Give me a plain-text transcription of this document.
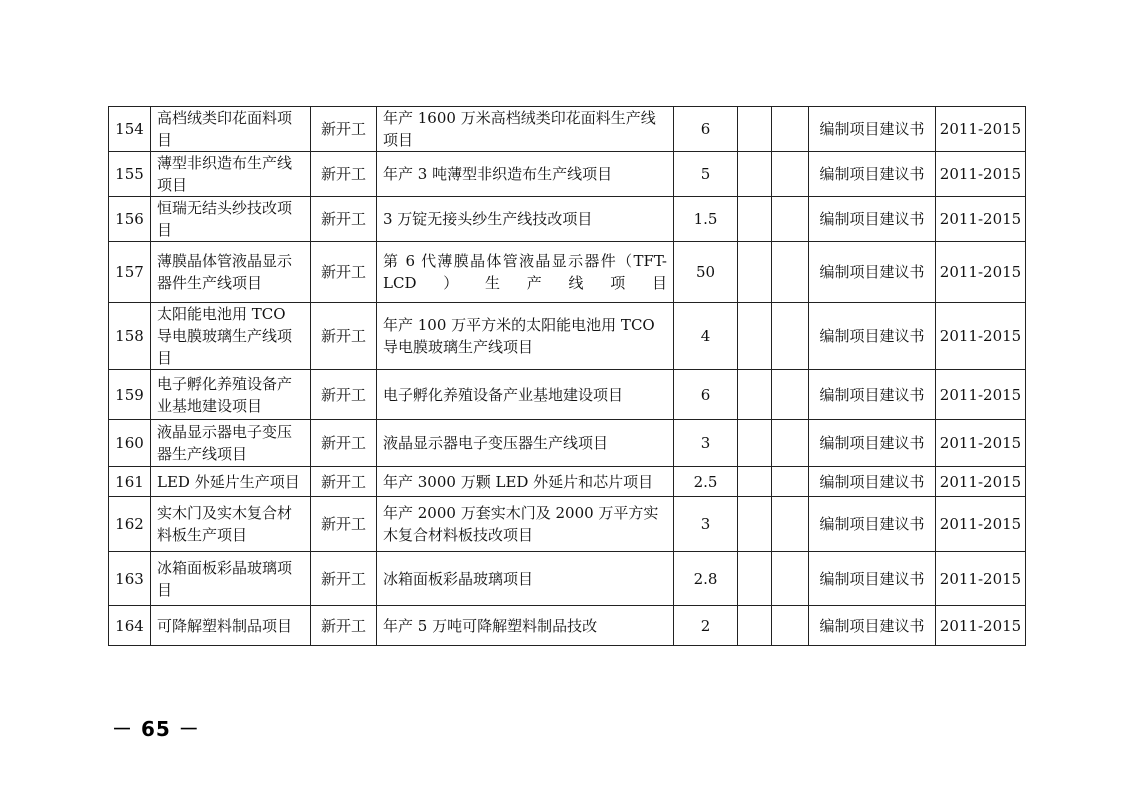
154	高档绒类印花面料项目	新开工	年产 1600 万米高档绒类印花面料生产线项目	6			编制项目建议书	2011-2015
155	薄型非织造布生产线项目	新开工	年产 3 吨薄型非织造布生产线项目	5			编制项目建议书	2011-2015
156	恒瑞无结头纱技改项目	新开工	3 万锭无接头纱生产线技改项目	1.5			编制项目建议书	2011-2015
157	薄膜晶体管液晶显示器件生产线项目	新开工	第 6 代薄膜晶体管液晶显示器件（TFT-LCD）生产线项目	50			编制项目建议书	2011-2015
158	太阳能电池用 TCO 导电膜玻璃生产线项目	新开工	年产 100 万平方米的太阳能电池用 TCO 导电膜玻璃生产线项目	4			编制项目建议书	2011-2015
159	电子孵化养殖设备产业基地建设项目	新开工	电子孵化养殖设备产业基地建设项目	6			编制项目建议书	2011-2015
160	液晶显示器电子变压器生产线项目	新开工	液晶显示器电子变压器生产线项目	3			编制项目建议书	2011-2015
161	LED 外延片生产项目	新开工	年产 3000 万颗 LED 外延片和芯片项目	2.5			编制项目建议书	2011-2015
162	实木门及实木复合材料板生产项目	新开工	年产 2000 万套实木门及 2000 万平方实木复合材料板技改项目	3			编制项目建议书	2011-2015
163	冰箱面板彩晶玻璃项目	新开工	冰箱面板彩晶玻璃项目	2.8			编制项目建议书	2011-2015
164	可降解塑料制品项目	新开工	年产 5 万吨可降解塑料制品技改	2			编制项目建议书	2011-2015
－ 65 －
